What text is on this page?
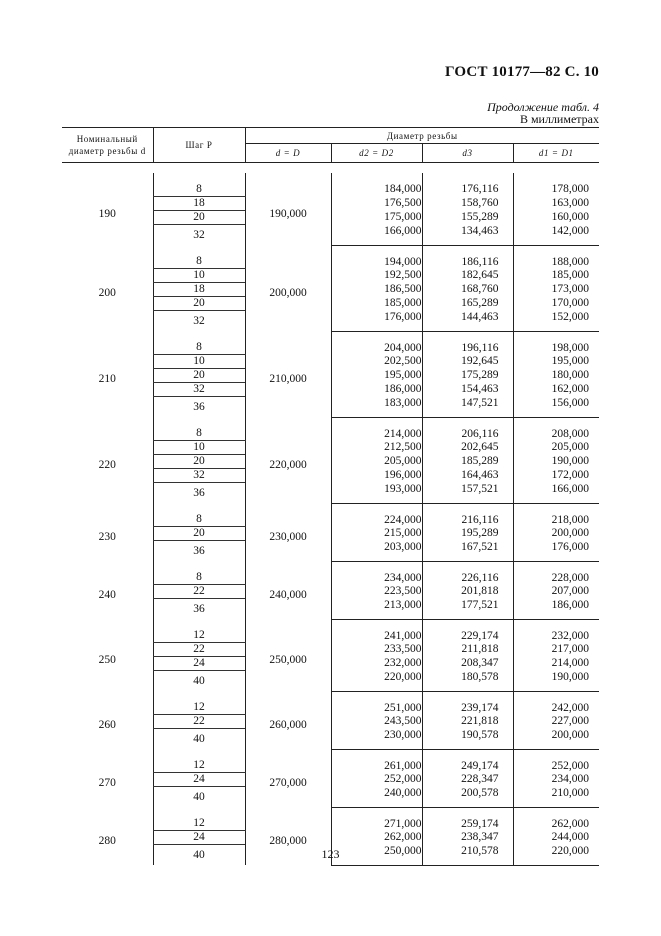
ГОСТ 10177—82 С. 10
Продолжение табл. 4
В миллиметрах
Номинальный диаметр резьбы d	Шаг P	Диаметр резьбы			
		d = D	d2 = D2	d3	d1 = D1

190	8	190,000	184,000	176,116	178,000
	18		176,500	158,760	163,000
	20		175,000	155,289	160,000
	32		166,000	134,463	142,000
200	8	200,000	194,000	186,116	188,000
	10		192,500	182,645	185,000
	18		186,500	168,760	173,000
	20		185,000	165,289	170,000
	32		176,000	144,463	152,000
210	8	210,000	204,000	196,116	198,000
	10		202,500	192,645	195,000
	20		195,000	175,289	180,000
	32		186,000	154,463	162,000
	36		183,000	147,521	156,000
220	8	220,000	214,000	206,116	208,000
	10		212,500	202,645	205,000
	20		205,000	185,289	190,000
	32		196,000	164,463	172,000
	36		193,000	157,521	166,000
230	8	230,000	224,000	216,116	218,000
	20		215,000	195,289	200,000
	36		203,000	167,521	176,000
240	8	240,000	234,000	226,116	228,000
	22		223,500	201,818	207,000
	36		213,000	177,521	186,000
250	12	250,000	241,000	229,174	232,000
	22		233,500	211,818	217,000
	24		232,000	208,347	214,000
	40		220,000	180,578	190,000
260	12	260,000	251,000	239,174	242,000
	22		243,500	221,818	227,000
	40		230,000	190,578	200,000
270	12	270,000	261,000	249,174	252,000
	24		252,000	228,347	234,000
	40		240,000	200,578	210,000
280	12	280,000	271,000	259,174	262,000
	24		262,000	238,347	244,000
	40		250,000	210,578	220,000
123
